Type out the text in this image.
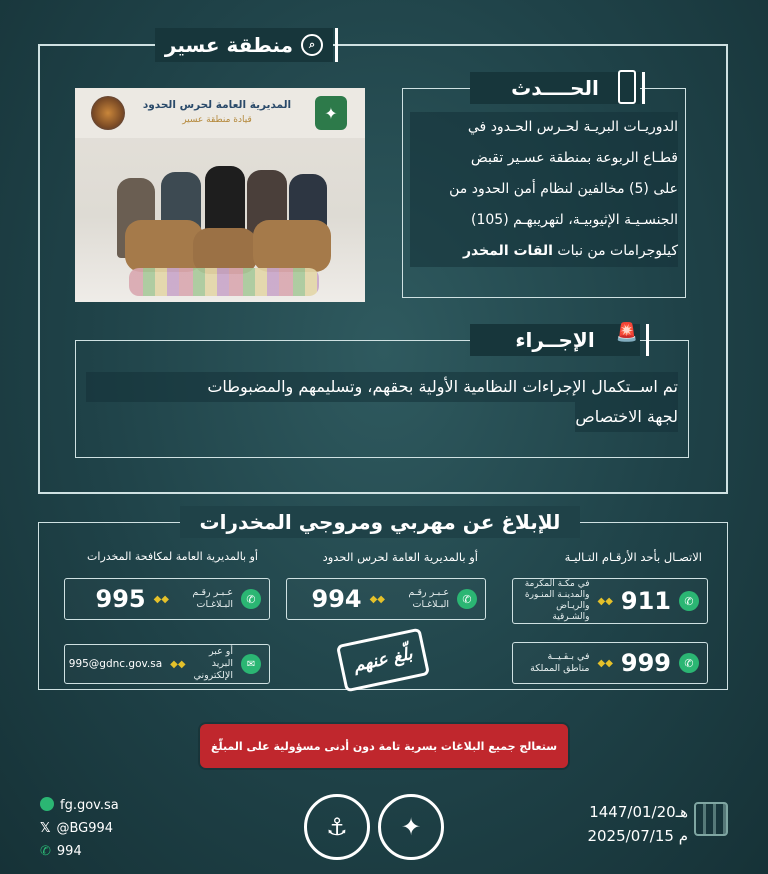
منطقة عسير	⌕
✦
المديرية العامة لحرس الحدود
قيادة منطقة عسير
الحــــدث
الدوريـات البريـة لحـرس الحـدود في
قطـاع الربوعة بمنطقة عسـير تقبض
على (5) مخالفين لنظام أمن الحدود من
الجنسـيـة الإثيوبيـة، لتهريبهـم (105)
كيلوجرامات من نبات القات المخدر
الإجــراء 🚨
تم اســتكمال الإجراءات النظامية الأولية بحقهم، وتسليمهم والمضبوطات
لجهة الاختصاص
للإبلاغ عن مهربي ومروجي المخدرات
الاتصـال بأحد الأرقـام التـاليـة
أو بالمديرية العامة لحرس الحدود
أو بالمديرية العامة لمكافحة المخدرات
✆
911
◆◆
في مكـة المكرمة والمدينـة المنـورة والريـاض والشـرقية
✆
999
◆◆
في بـقـيــة
مناطق المملكة
✆
عـبـر رقـم
البـلاغـات
◆◆
994
✆
عـبـر رقـم
البـلاغـات
◆◆
995
✉
أو عبر البريد
الإلكتروني
◆◆
995@gdnc.gov.sa	بلّغ عنهم
ستعالج جميع البلاغات بسرية تامة دون أدنى مسؤولية على المبلّغ
fg.gov.sa
𝕏 @BG994
✆ 994
⚓	✦
1447/01/20هـ
2025/07/15 م
